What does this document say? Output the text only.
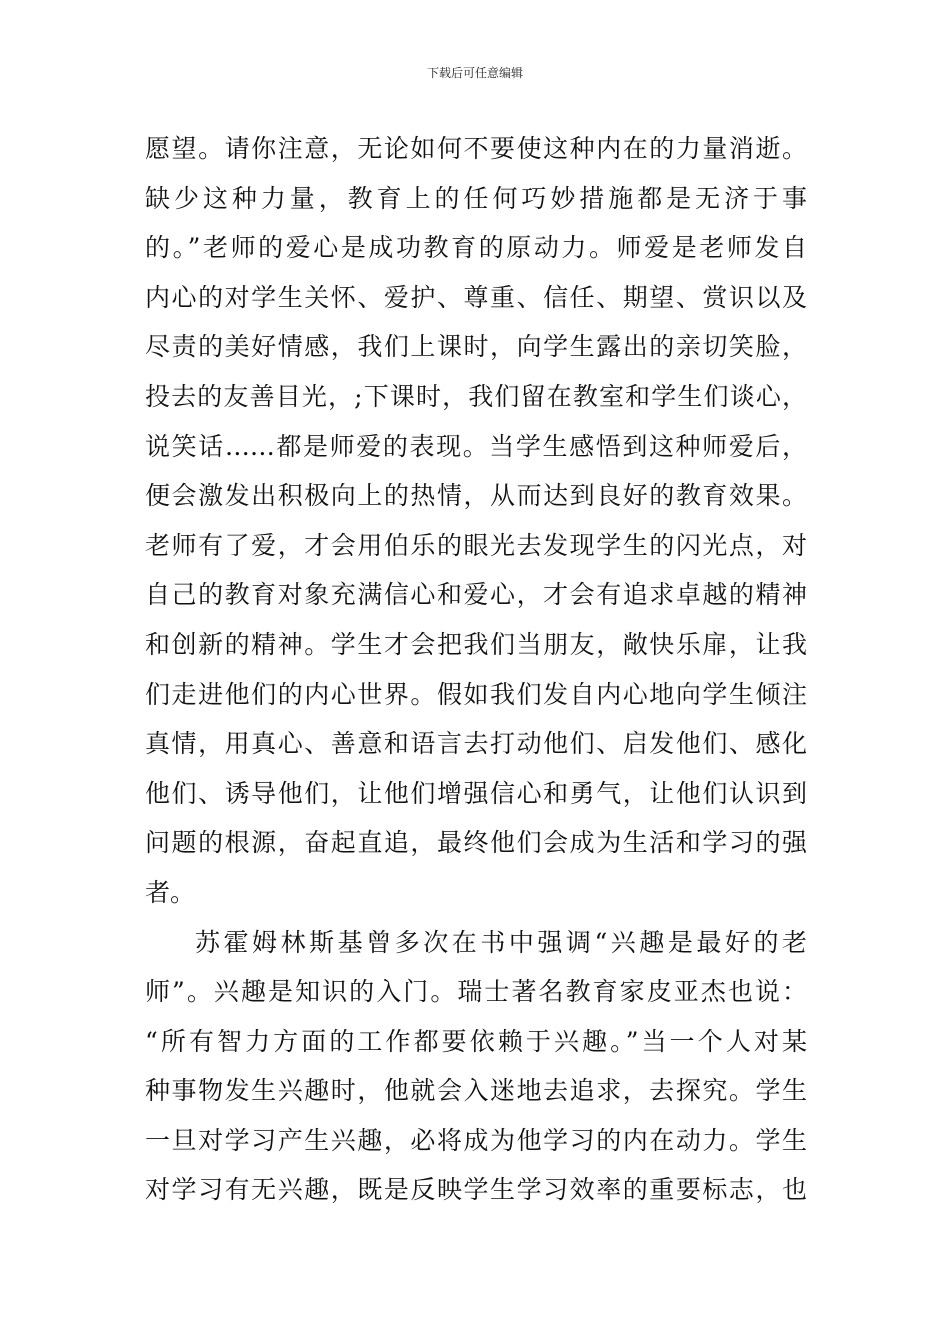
下载后可任意编辑
愿望。请你注意，无论如何不要使这种内在的力量消逝。
缺少这种力量，教育上的任何巧妙措施都是无济于事
的。”老师的爱心是成功教育的原动力。师爱是老师发自
内心的对学生关怀、爱护、尊重、信任、期望、赏识以及
尽责的美好情感，我们上课时，向学生露出的亲切笑脸，
投去的友善目光，;下课时，我们留在教室和学生们谈心，
说笑话……都是师爱的表现。当学生感悟到这种师爱后，
便会激发出积极向上的热情，从而达到良好的教育效果。
老师有了爱，才会用伯乐的眼光去发现学生的闪光点，对
自己的教育对象充满信心和爱心，才会有追求卓越的精神
和创新的精神。学生才会把我们当朋友，敞快乐扉，让我
们走进他们的内心世界。假如我们发自内心地向学生倾注
真情，用真心、善意和语言去打动他们、启发他们、感化
他们、诱导他们，让他们增强信心和勇气，让他们认识到
问题的根源，奋起直追，最终他们会成为生活和学习的强
者。
苏霍姆林斯基曾多次在书中强调“兴趣是最好的老
师”。兴趣是知识的入门。瑞士著名教育家皮亚杰也说：
“所有智力方面的工作都要依赖于兴趣。”当一个人对某
种事物发生兴趣时，他就会入迷地去追求，去探究。学生
一旦对学习产生兴趣，必将成为他学习的内在动力。学生
对学习有无兴趣，既是反映学生学习效率的重要标志，也
